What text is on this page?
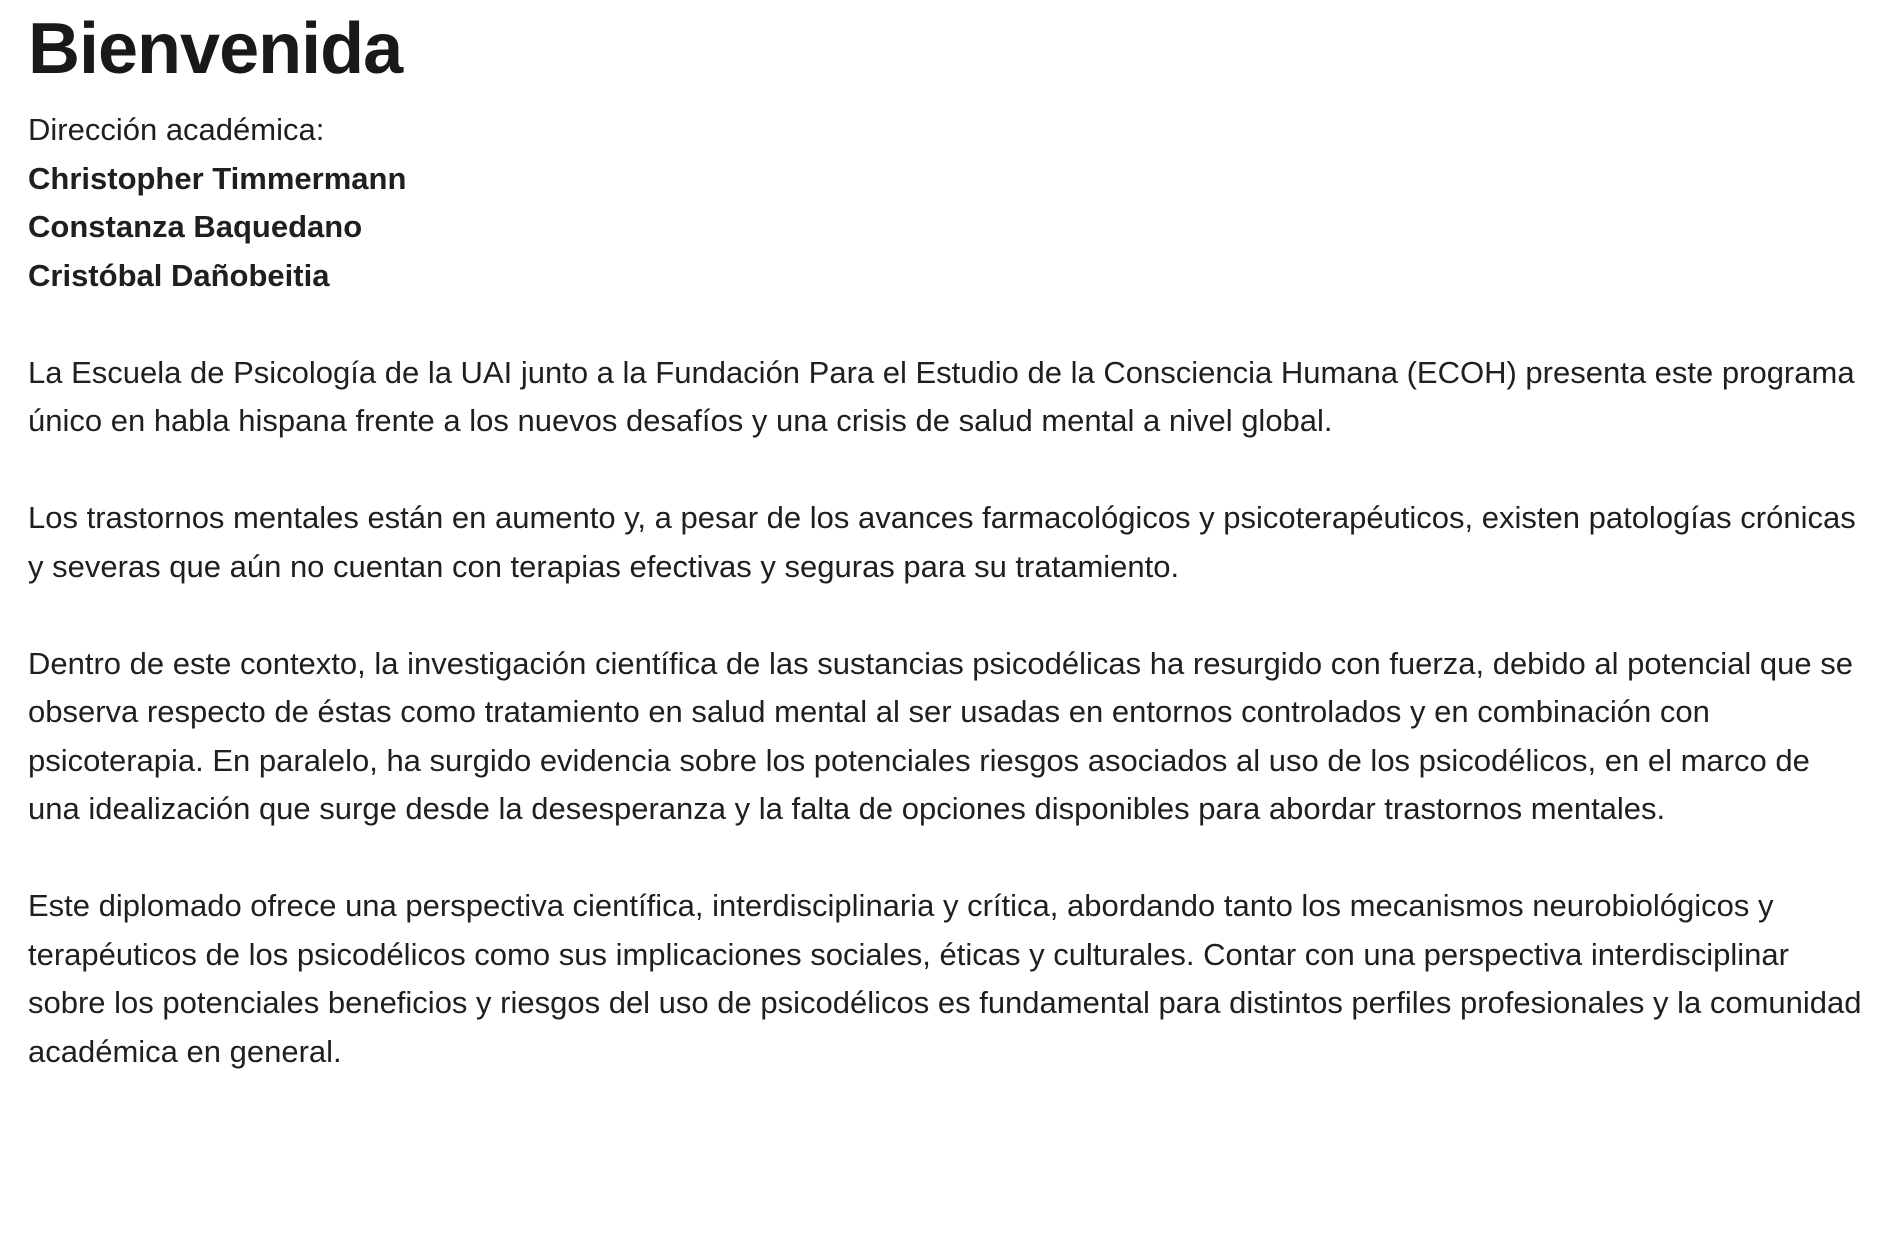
Bienvenida
Dirección académica:
Christopher Timmermann
Constanza Baquedano
Cristóbal Dañobeitia

La Escuela de Psicología de la UAI junto a la Fundación Para el Estudio de la Consciencia Humana (ECOH) presenta este programa único en habla hispana frente a los nuevos desafíos y una crisis de salud mental a nivel global.

Los trastornos mentales están en aumento y, a pesar de los avances farmacológicos y psicoterapéuticos, existen patologías crónicas y severas que aún no cuentan con terapias efectivas y seguras para su tratamiento.

Dentro de este contexto, la investigación científica de las sustancias psicodélicas ha resurgido con fuerza, debido al potencial que se observa respecto de éstas como tratamiento en salud mental al ser usadas en entornos controlados y en combinación con psicoterapia. En paralelo, ha surgido evidencia sobre los potenciales riesgos asociados al uso de los psicodélicos, en el marco de una idealización que surge desde la desesperanza y la falta de opciones disponibles para abordar trastornos mentales.

Este diplomado ofrece una perspectiva científica, interdisciplinaria y crítica, abordando tanto los mecanismos neurobiológicos y terapéuticos de los psicodélicos como sus implicaciones sociales, éticas y culturales. Contar con una perspectiva interdisciplinar sobre los potenciales beneficios y riesgos del uso de psicodélicos es fundamental para distintos perfiles profesionales y la comunidad académica en general.
